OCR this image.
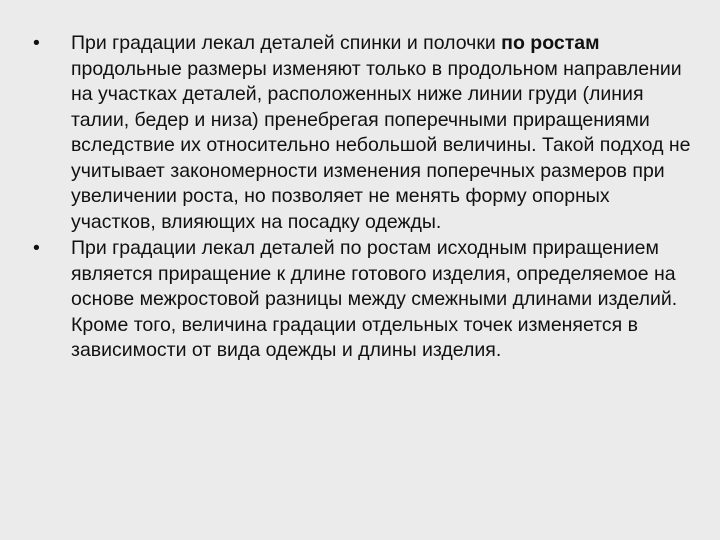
•	При градации лекал деталей спинки и полочки по ростам продольные размеры изменяют только в продольном направлении на участках деталей, расположенных ниже линии груди (линия талии, бедер и низа) пренебрегая поперечными приращениями вследствие их относительно небольшой величины. Такой подход не учитывает закономерности изменения поперечных размеров при увеличении роста, но позволяет не менять форму опорных участков, влияющих на посадку одежды.
•	При градации лекал деталей по ростам исходным приращением является приращение к длине готового изделия, определяемое на основе межростовой разницы между смежными длинами изделий. Кроме того, величина градации отдельных точек изменяется в зависимости от вида одежды и длины изделия.
